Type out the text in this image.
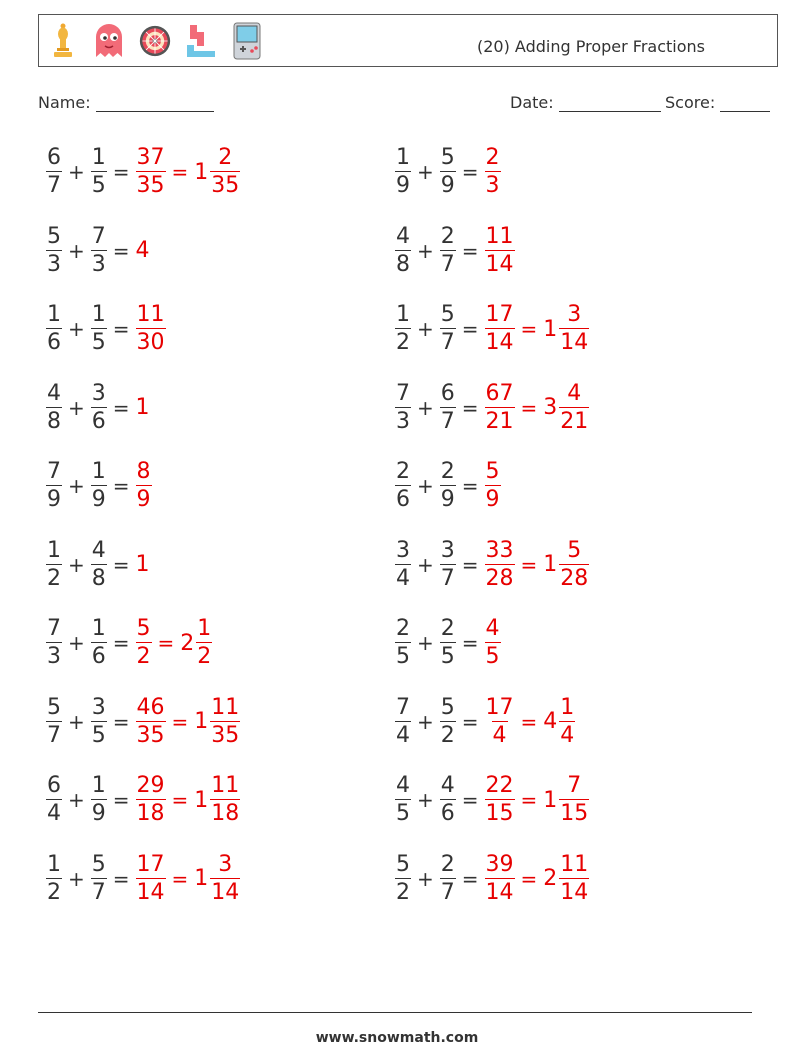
(20) Adding Proper Fractions
Name:	Date:	Score:
$\frac{6}{7} + \frac{1}{5} = \frac{37}{35} = 1 \frac{2}{35}$
$\frac{5}{3} + \frac{7}{3} = 4$
$\frac{1}{6} + \frac{1}{5} = \frac{11}{30}$
$\frac{4}{8} + \frac{3}{6} = 1$
$\frac{7}{9} + \frac{1}{9} = \frac{8}{9}$
$\frac{1}{2} + \frac{4}{8} = 1$
$\frac{7}{3} + \frac{1}{6} = \frac{5}{2} = 2 \frac{1}{2}$
$\frac{5}{7} + \frac{3}{5} = \frac{46}{35} = 1 \frac{11}{35}$
$\frac{6}{4} + \frac{1}{9} = \frac{29}{18} = 1 \frac{11}{18}$
$\frac{1}{2} + \frac{5}{7} = \frac{17}{14} = 1 \frac{3}{14}$
$\frac{1}{9} + \frac{5}{9} = \frac{2}{3}$
$\frac{4}{8} + \frac{2}{7} = \frac{11}{14}$
$\frac{1}{2} + \frac{5}{7} = \frac{17}{14} = 1 \frac{3}{14}$
$\frac{7}{3} + \frac{6}{7} = \frac{67}{21} = 3 \frac{4}{21}$
$\frac{2}{6} + \frac{2}{9} = \frac{5}{9}$
$\frac{3}{4} + \frac{3}{7} = \frac{33}{28} = 1 \frac{5}{28}$
$\frac{2}{5} + \frac{2}{5} = \frac{4}{5}$
$\frac{7}{4} + \frac{5}{2} = \frac{17}{4} = 4 \frac{1}{4}$
$\frac{4}{5} + \frac{4}{6} = \frac{22}{15} = 1 \frac{7}{15}$
$\frac{5}{2} + \frac{2}{7} = \frac{39}{14} = 2 \frac{11}{14}$
www.snowmath.com
